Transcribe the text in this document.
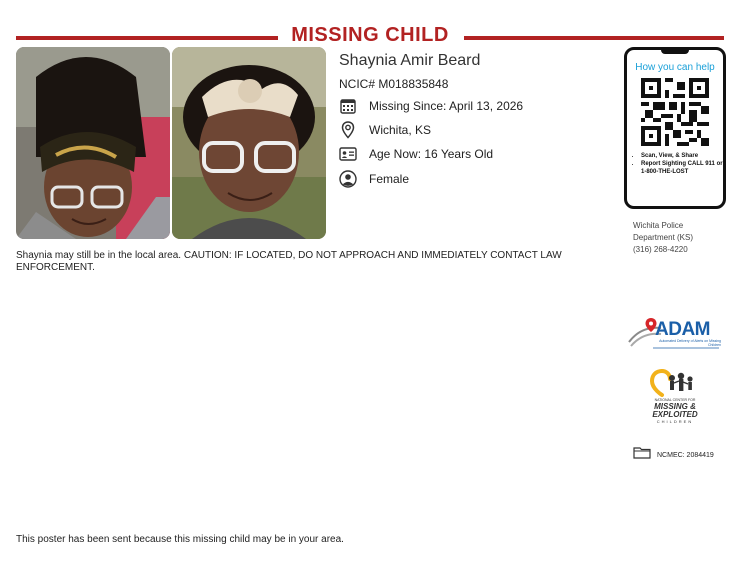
MISSING CHILD
Shaynia Amir Beard
NCIC# M018835848
Missing Since: April 13, 2026
Wichita, KS
Age Now: 16 Years Old
Female
Shaynia may still be in the local area. CAUTION: IF LOCATED, DO NOT APPROACH AND IMMEDIATELY CONTACT LAW ENFORCEMENT.
How you can help
• Scan, View, & Share
• Report Sighting CALL 911 or 1-800-THE-LOST
Wichita Police
Department (KS)
(316) 268-4220
ADAM
Automated Delivery of Alerts on Missing Children
NATIONAL CENTER FOR
MISSING &
EXPLOITED
CHILDREN
NCMEC: 2084419
This poster has been sent because this missing child may be in your area.
